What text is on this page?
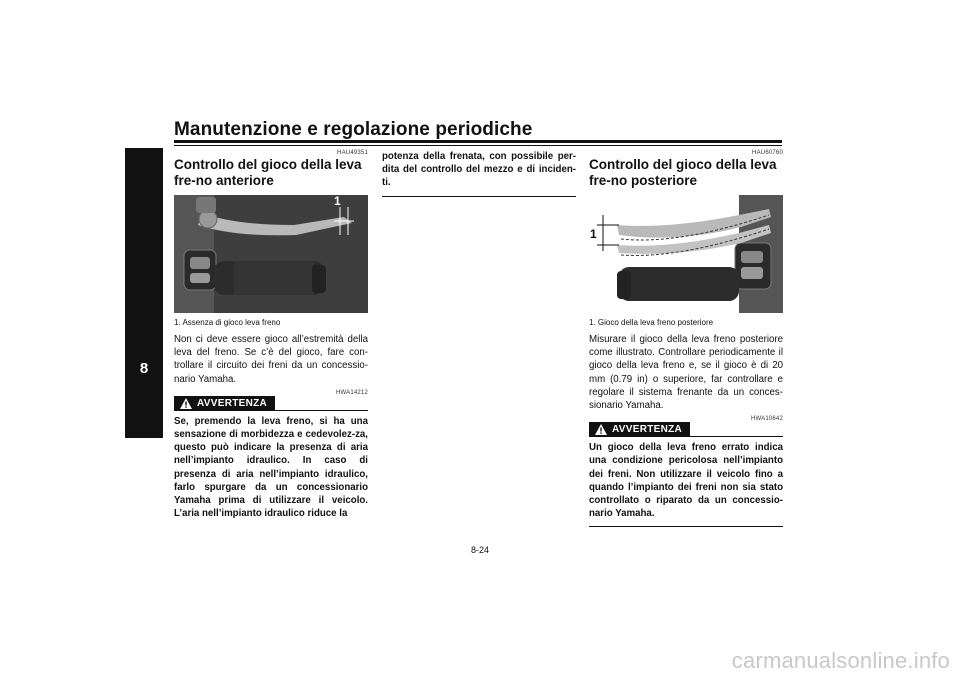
Manutenzione e regolazione periodiche
8
HAU49351
Controllo del gioco della leva fre-no anteriore
1
1. Assenza di gioco leva freno
Non ci deve essere gioco all’estremità della leva del freno. Se c’è del gioco, fare con-trollare il circuito dei freni da un concessio-nario Yamaha.
HWA14212
AVVERTENZA
Se, premendo la leva freno, si ha una sensazione di morbidezza e cedevolez-za, questo può indicare la presenza di aria nell’impianto idraulico. In caso di presenza di aria nell’impianto idraulico, farlo spurgare da un concessionario Yamaha prima di utilizzare il veicolo. L’aria nell’impianto idraulico riduce la
potenza della frenata, con possibile per-dita del controllo del mezzo e di inciden-ti.
HAU60760
Controllo del gioco della leva fre-no posteriore
1
1. Gioco della leva freno posteriore
Misurare il gioco della leva freno posteriore come illustrato. Controllare periodicamente il gioco della leva freno e, se il gioco è di 20 mm (0.79 in) o superiore, far controllare e regolare il sistema frenante da un conces-sionario Yamaha.
HWA10642
AVVERTENZA
Un gioco della leva freno errato indica una condizione pericolosa nell’impianto dei freni. Non utilizzare il veicolo fino a quando l’impianto dei freni non sia stato controllato o riparato da un concessio-nario Yamaha.
8-24
carmanualsonline.info
